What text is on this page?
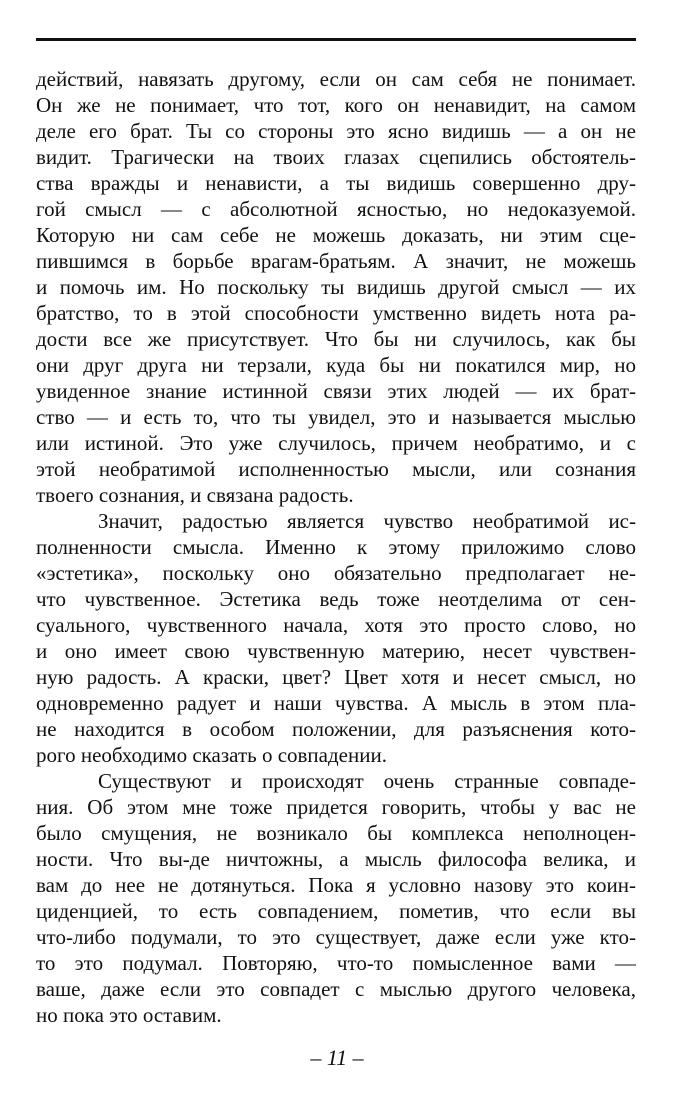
действий, навязать другому, если он сам себя не понимает.
Он же не понимает, что тот, кого он ненавидит, на самом
деле его брат. Ты со стороны это ясно видишь — а он не
видит. Трагически на твоих глазах сцепились обстоятель-
ства вражды и ненависти, а ты видишь совершенно дру-
гой смысл — с абсолютной ясностью, но недоказуемой.
Которую ни сам себе не можешь доказать, ни этим сце-
пившимся в борьбе врагам-братьям. А значит, не можешь
и помочь им. Но поскольку ты видишь другой смысл — их
братство, то в этой способности умственно видеть нота ра-
дости все же присутствует. Что бы ни случилось, как бы
они друг друга ни терзали, куда бы ни покатился мир, но
увиденное знание истинной связи этих людей — их брат-
ство — и есть то, что ты увидел, это и называется мыслью
или истиной. Это уже случилось, причем необратимо, и с
этой необратимой исполненностью мысли, или сознания
твоего сознания, и связана радость.
Значит, радостью является чувство необратимой ис-
полненности смысла. Именно к этому приложимо слово
«эстетика», поскольку оно обязательно предполагает не-
что чувственное. Эстетика ведь тоже неотделима от сен-
суального, чувственного начала, хотя это просто слово, но
и оно имеет свою чувственную материю, несет чувствен-
ную радость. А краски, цвет? Цвет хотя и несет смысл, но
одновременно радует и наши чувства. А мысль в этом пла-
не находится в особом положении, для разъяснения кото-
рого необходимо сказать о совпадении.
Существуют и происходят очень странные совпаде-
ния. Об этом мне тоже придется говорить, чтобы у вас не
было смущения, не возникало бы комплекса неполноцен-
ности. Что вы-де ничтожны, а мысль философа велика, и
вам до нее не дотянуться. Пока я условно назову это коин-
циденцией, то есть совпадением, пометив, что если вы
что-либо подумали, то это существует, даже если уже кто-
то это подумал. Повторяю, что-то помысленное вами —
ваше, даже если это совпадет с мыслью другого человека,
но пока это оставим.
– 11 –
